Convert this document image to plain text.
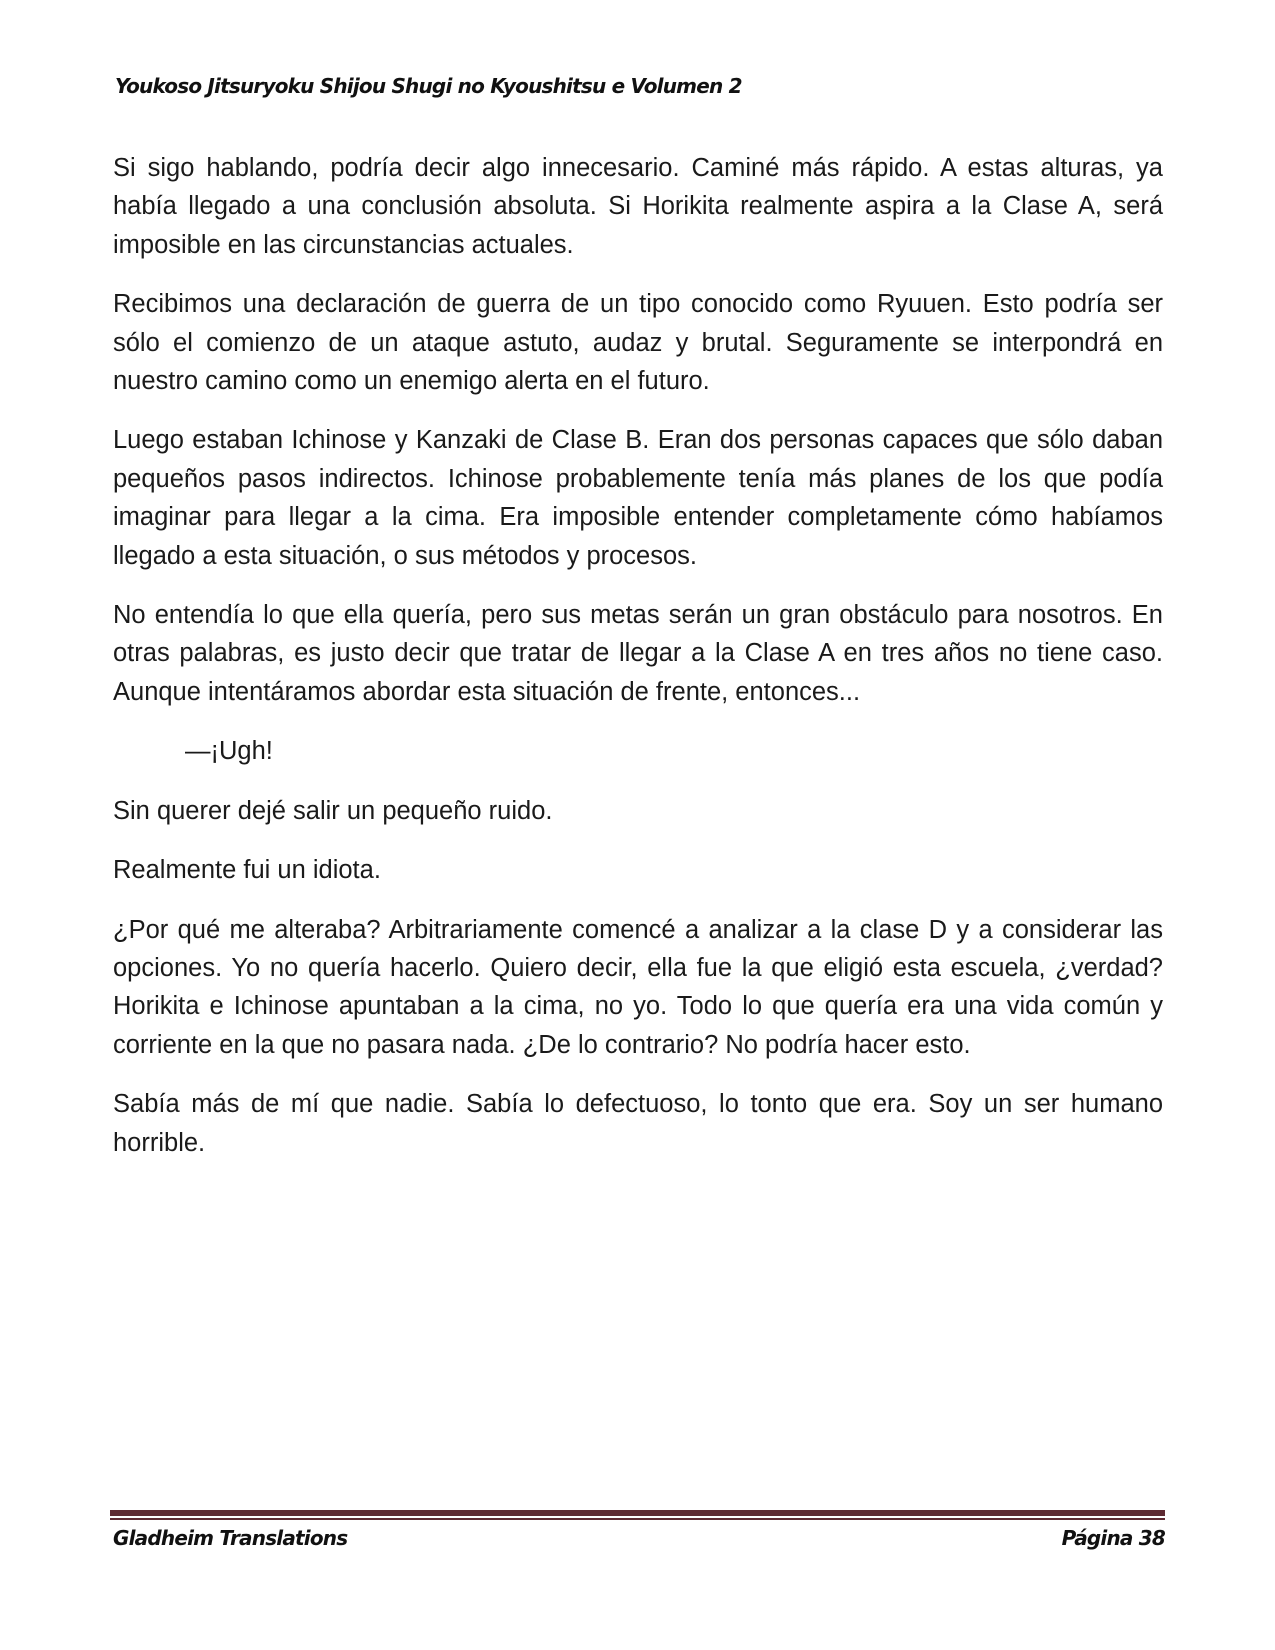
Youkoso Jitsuryoku Shijou Shugi no Kyoushitsu e Volumen 2

Si sigo hablando, podría decir algo innecesario. Caminé más rápido. A estas alturas, ya había llegado a una conclusión absoluta. Si Horikita realmente aspira a la Clase A, será imposible en las circunstancias actuales.

Recibimos una declaración de guerra de un tipo conocido como Ryuuen. Esto podría ser sólo el comienzo de un ataque astuto, audaz y brutal. Seguramente se interpondrá en nuestro camino como un enemigo alerta en el futuro.

Luego estaban Ichinose y Kanzaki de Clase B. Eran dos personas capaces que sólo daban pequeños pasos indirectos. Ichinose probablemente tenía más planes de los que podía imaginar para llegar a la cima. Era imposible entender completamente cómo habíamos llegado a esta situación, o sus métodos y procesos.

No entendía lo que ella quería, pero sus metas serán un gran obstáculo para nosotros. En otras palabras, es justo decir que tratar de llegar a la Clase A en tres años no tiene caso. Aunque intentáramos abordar esta situación de frente, entonces...

—¡Ugh!

Sin querer dejé salir un pequeño ruido.

Realmente fui un idiota.

¿Por qué me alteraba? Arbitrariamente comencé a analizar a la clase D y a considerar las opciones. Yo no quería hacerlo. Quiero decir, ella fue la que eligió esta escuela, ¿verdad? Horikita e Ichinose apuntaban a la cima, no yo. Todo lo que quería era una vida común y corriente en la que no pasara nada. ¿De lo contrario? No podría hacer esto.

Sabía más de mí que nadie. Sabía lo defectuoso, lo tonto que era. Soy un ser humano horrible.

Gladheim Translations	Página 38
